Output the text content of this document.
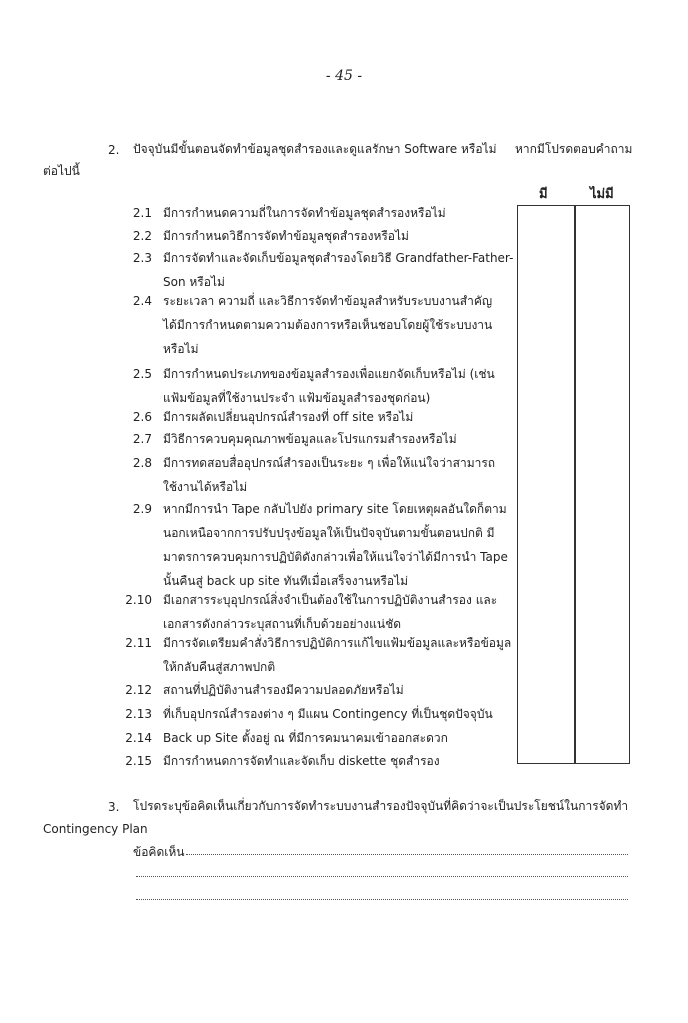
- 45 -
2. ปัจจุบันมีขั้นตอนจัดทำข้อมูลชุดสำรองและดูแลรักษา Software หรือไม่ หากมีโปรดตอบคำถาม
ต่อไปนี้
มี	ไม่มี
2.1 มีการกำหนดความถี่ในการจัดทำข้อมูลชุดสำรองหรือไม่
2.2 มีการกำหนดวิธีการจัดทำข้อมูลชุดสำรองหรือไม่
2.3 มีการจัดทำและจัดเก็บข้อมูลชุดสำรองโดยวิธี Grandfather-Father-
Son หรือไม่
2.4 ระยะเวลา ความถี่ และวิธีการจัดทำข้อมูลสำหรับระบบงานสำคัญ
ได้มีการกำหนดตามความต้องการหรือเห็นชอบโดยผู้ใช้ระบบงาน
หรือไม่
2.5 มีการกำหนดประเภทของข้อมูลสำรองเพื่อแยกจัดเก็บหรือไม่ (เช่น
แฟ้มข้อมูลที่ใช้งานประจำ แฟ้มข้อมูลสำรองชุดก่อน)
2.6 มีการผลัดเปลี่ยนอุปกรณ์สำรองที่ off site หรือไม่
2.7 มีวิธีการควบคุมคุณภาพข้อมูลและโปรแกรมสำรองหรือไม่
2.8 มีการทดสอบสื่ออุปกรณ์สำรองเป็นระยะ ๆ เพื่อให้แน่ใจว่าสามารถ
ใช้งานได้หรือไม่
2.9 หากมีการนำ Tape กลับไปยัง primary site โดยเหตุผลอันใดก็ตาม
นอกเหนือจากการปรับปรุงข้อมูลให้เป็นปัจจุบันตามขั้นตอนปกติ มี
มาตรการควบคุมการปฏิบัติดังกล่าวเพื่อให้แน่ใจว่าได้มีการนำ Tape
นั้นคืนสู่ back up site ทันทีเมื่อเสร็จงานหรือไม่
2.10 มีเอกสารระบุอุปกรณ์สิ่งจำเป็นต้องใช้ในการปฏิบัติงานสำรอง และ
เอกสารดังกล่าวระบุสถานที่เก็บด้วยอย่างแน่ชัด
2.11 มีการจัดเตรียมคำสั่งวิธีการปฏิบัติการแก้ไขแฟ้มข้อมูลและหรือข้อมูล
ให้กลับคืนสู่สภาพปกติ
2.12 สถานที่ปฏิบัติงานสำรองมีความปลอดภัยหรือไม่
2.13 ที่เก็บอุปกรณ์สำรองต่าง ๆ มีแผน Contingency ที่เป็นชุดปัจจุบัน
2.14 Back up Site ตั้งอยู่ ณ ที่มีการคมนาคมเข้าออกสะดวก
2.15 มีการกำหนดการจัดทำและจัดเก็บ diskette ชุดสำรอง
3. โปรดระบุข้อคิดเห็นเกี่ยวกับการจัดทำระบบงานสำรองปัจจุบันที่คิดว่าจะเป็นประโยชน์ในการจัดทำ
Contingency Plan
ข้อคิดเห็น
